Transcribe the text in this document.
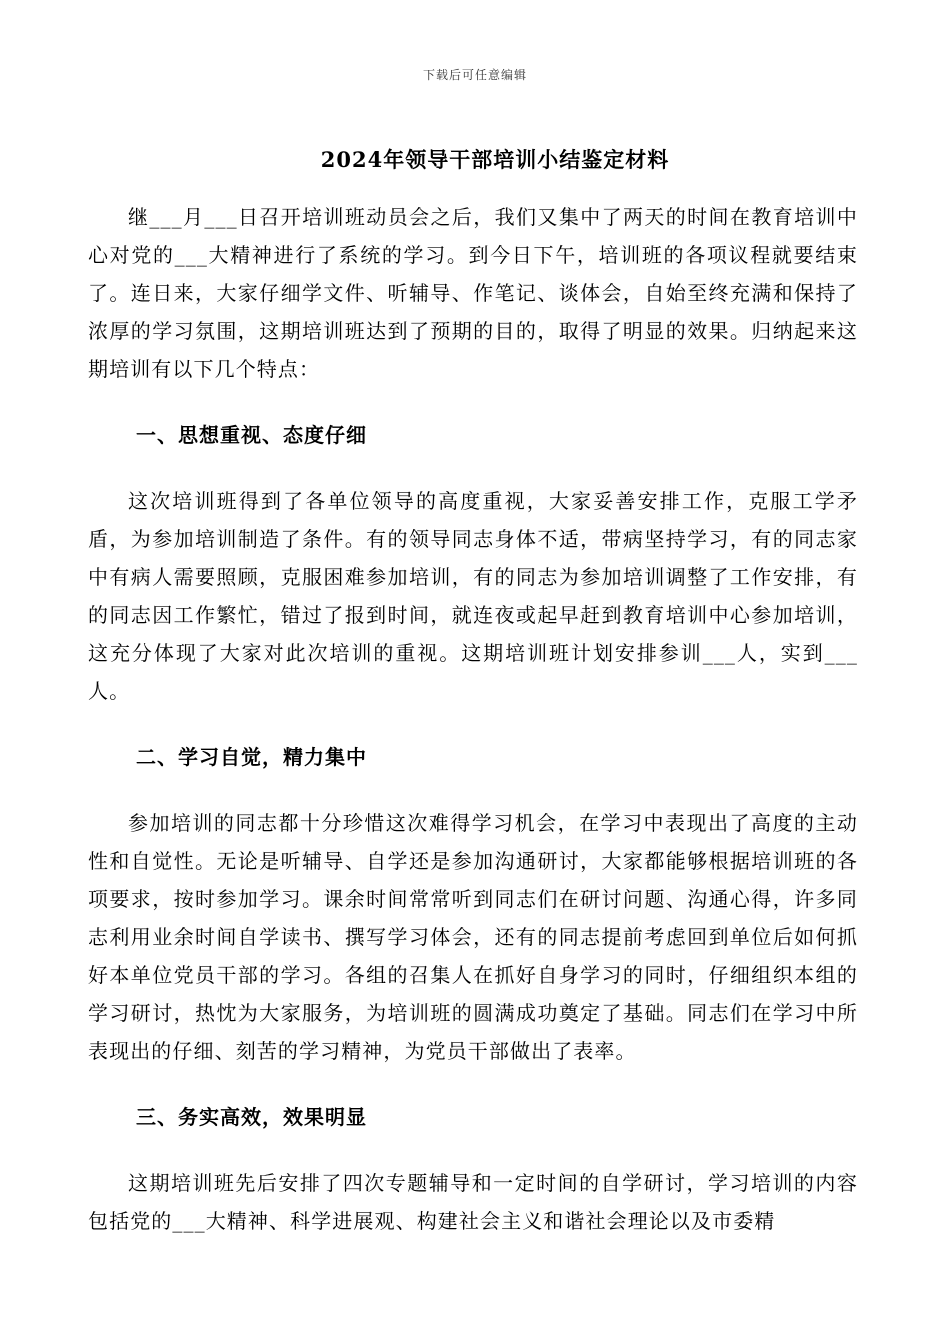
下载后可任意编辑
2024年领导干部培训小结鉴定材料

继___月___日召开培训班动员会之后，我们又集中了两天的时间在教育培训中心对党的___大精神进行了系统的学习。到今日下午，培训班的各项议程就要结束了。连日来，大家仔细学文件、听辅导、作笔记、谈体会，自始至终充满和保持了浓厚的学习氛围，这期培训班达到了预期的目的，取得了明显的效果。归纳起来这期培训有以下几个特点：

一、思想重视、态度仔细

这次培训班得到了各单位领导的高度重视，大家妥善安排工作，克服工学矛盾，为参加培训制造了条件。有的领导同志身体不适，带病坚持学习，有的同志家中有病人需要照顾，克服困难参加培训，有的同志为参加培训调整了工作安排，有的同志因工作繁忙，错过了报到时间，就连夜或起早赶到教育培训中心参加培训，这充分体现了大家对此次培训的重视。这期培训班计划安排参训___人，实到___人。

二、学习自觉，精力集中

参加培训的同志都十分珍惜这次难得学习机会，在学习中表现出了高度的主动性和自觉性。无论是听辅导、自学还是参加沟通研讨，大家都能够根据培训班的各项要求，按时参加学习。课余时间常常听到同志们在研讨问题、沟通心得，许多同志利用业余时间自学读书、撰写学习体会，还有的同志提前考虑回到单位后如何抓好本单位党员干部的学习。各组的召集人在抓好自身学习的同时，仔细组织本组的学习研讨，热忱为大家服务，为培训班的圆满成功奠定了基础。同志们在学习中所表现出的仔细、刻苦的学习精神，为党员干部做出了表率。

三、务实高效，效果明显

这期培训班先后安排了四次专题辅导和一定时间的自学研讨，学习培训的内容包括党的___大精神、科学进展观、构建社会主义和谐社会理论以及市委精
